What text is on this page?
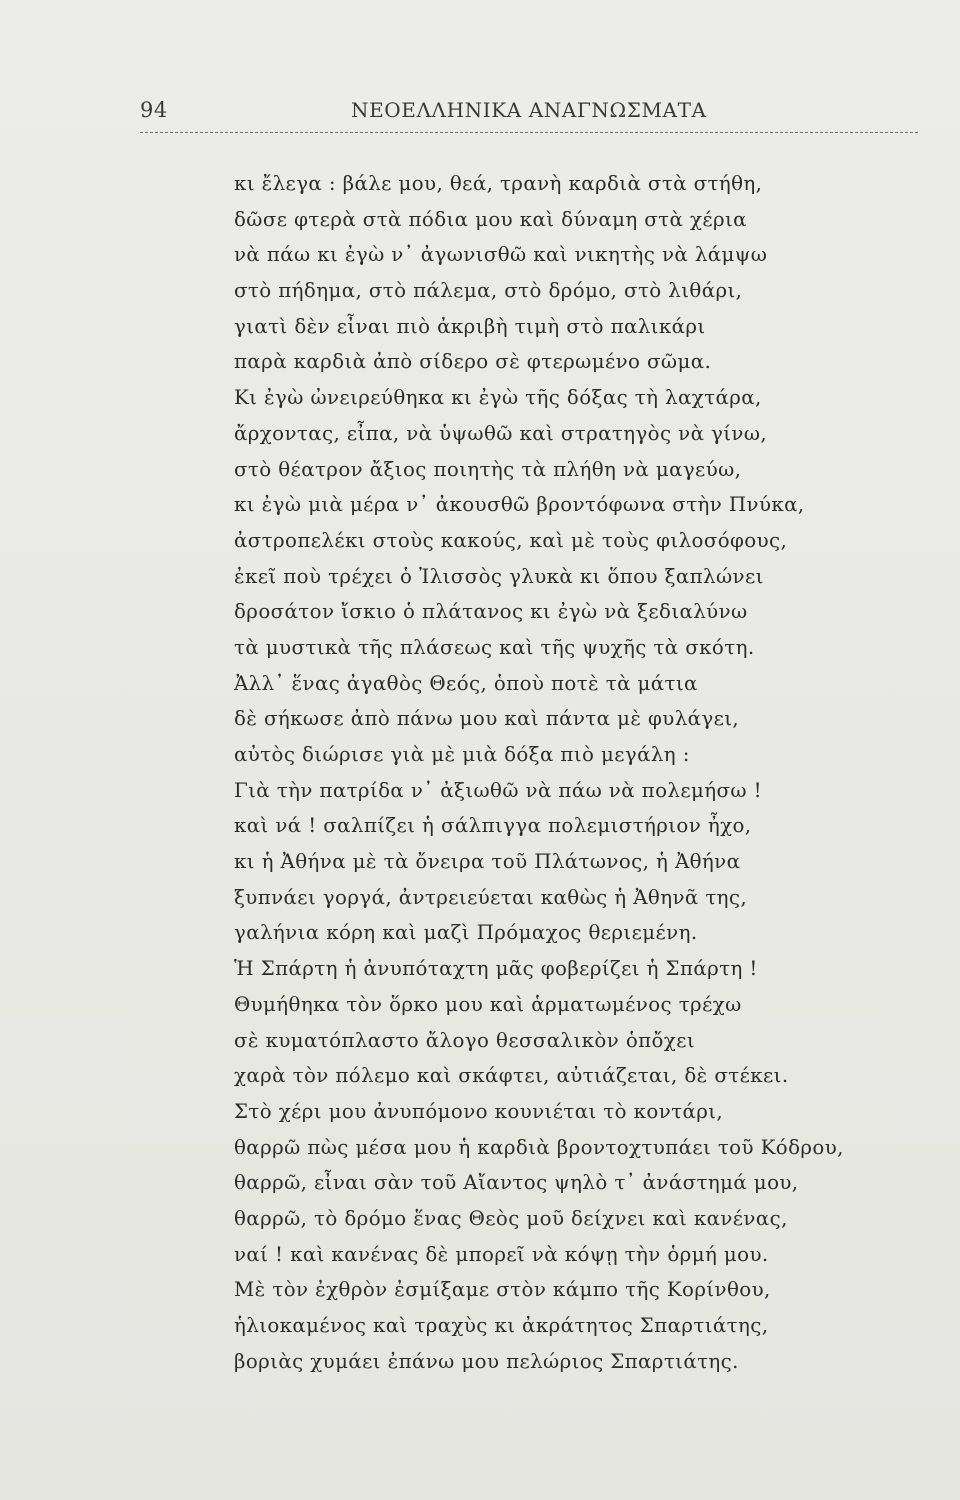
94	ΝΕΟΕΛΛΗΝΙΚΑ ΑΝΑΓΝΩΣΜΑΤΑ
κι ἔλεγα : βάλε μου, θεά, τρανὴ καρδιὰ στὰ στήθη,
δῶσε φτερὰ στὰ πόδια μου καὶ δύναμη στὰ χέρια
νὰ πάω κι ἐγὼ ν᾽ ἀγωνισθῶ καὶ νικητὴς νὰ λάμψω
στὸ πήδημα, στὸ πάλεμα, στὸ δρόμο, στὸ λιθάρι,
γιατὶ δὲν εἶναι πιὸ ἀκριβὴ τιμὴ στὸ παλικάρι
παρὰ καρδιὰ ἀπὸ σίδερο σὲ φτερωμένο σῶμα.
Κι ἐγὼ ὠνειρεύθηκα κι ἐγὼ τῆς δόξας τὴ λαχτάρα,
ἄρχοντας, εἶπα, νὰ ὑψωθῶ καὶ στρατηγὸς νὰ γίνω,
στὸ θέατρον ἄξιος ποιητὴς τὰ πλήθη νὰ μαγεύω,
κι ἐγὼ μιὰ μέρα ν᾽ ἀκουσθῶ βροντόφωνα στὴν Πνύκα,
ἀστροπελέκι στοὺς κακούς, καὶ μὲ τοὺς φιλοσόφους,
ἐκεῖ ποὺ τρέχει ὁ Ἰλισσὸς γλυκὰ κι ὅπου ξαπλώνει
δροσάτον ἴσκιο ὁ πλάτανος κι ἐγὼ νὰ ξεδιαλύνω
τὰ μυστικὰ τῆς πλάσεως καὶ τῆς ψυχῆς τὰ σκότη.
Ἀλλ᾽ ἕνας ἀγαθὸς Θεός, ὁποὺ ποτὲ τὰ μάτια
δὲ σήκωσε ἀπὸ πάνω μου καὶ πάντα μὲ φυλάγει,
αὐτὸς διώρισε γιὰ μὲ μιὰ δόξα πιὸ μεγάλη :
Γιὰ τὴν πατρίδα ν᾽ ἀξιωθῶ νὰ πάω νὰ πολεμήσω !
καὶ νά ! σαλπίζει ἡ σάλπιγγα πολεμιστήριον ἦχο,
κι ἡ Ἀθήνα μὲ τὰ ὄνειρα τοῦ Πλάτωνος, ἡ Ἀθήνα
ξυπνάει γοργά, ἀντρειεύεται καθὼς ἡ Ἀθηνᾶ της,
γαλήνια κόρη καὶ μαζὶ Πρόμαχος θεριεμένη.
Ἡ Σπάρτη ἡ ἀνυπόταχτη μᾶς φοβερίζει ἡ Σπάρτη !
Θυμήθηκα τὸν ὅρκο μου καὶ ἁρματωμένος τρέχω
σὲ κυματόπλαστο ἄλογο θεσσαλικὸν ὁπὄχει
χαρὰ τὸν πόλεμο καὶ σκάφτει, αὐτιάζεται, δὲ στέκει.
Στὸ χέρι μου ἀνυπόμονο κουνιέται τὸ κοντάρι,
θαρρῶ πὼς μέσα μου ἡ καρδιὰ βροντοχτυπάει τοῦ Κόδρου,
θαρρῶ, εἶναι σὰν τοῦ Αἴαντος ψηλὸ τ᾽ ἀνάστημά μου,
θαρρῶ, τὸ δρόμο ἕνας Θεὸς μοῦ δείχνει καὶ κανένας,
ναί ! καὶ κανένας δὲ μπορεῖ νὰ κόψῃ τὴν ὁρμή μου.
Μὲ τὸν ἐχθρὸν ἐσμίξαμε στὸν κάμπο τῆς Κορίνθου,
ἡλιοκαμένος καὶ τραχὺς κι ἀκράτητος Σπαρτιάτης,
βοριὰς χυμάει ἐπάνω μου πελώριος Σπαρτιάτης.
